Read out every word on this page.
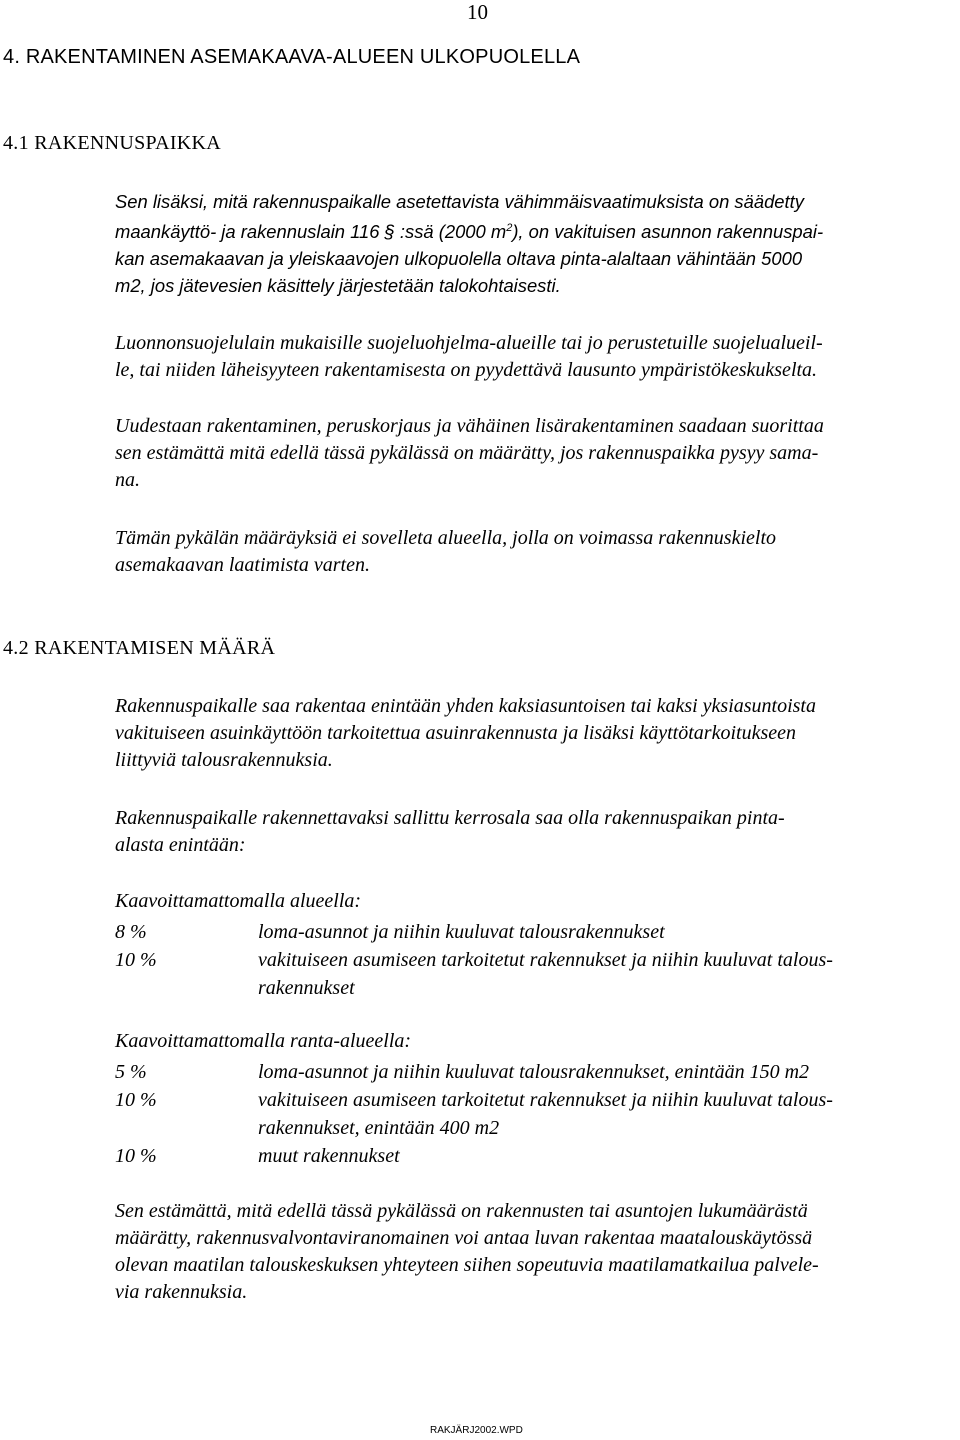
10
4. RAKENTAMINEN ASEMAKAAVA-ALUEEN ULKOPUOLELLA
4.1 RAKENNUSPAIKKA
Sen lisäksi, mitä rakennuspaikalle asetettavista vähimmäisvaatimuksista on säädetty
maankäyttö- ja rakennuslain 116 § :ssä (2000 $m^2$), on vakituisen asunnon rakennuspai-
kan asemakaavan ja yleiskaavojen ulkopuolella oltava pinta-alaltaan vähintään 5000
m2, jos jätevesien käsittely järjestetään talokohtaisesti.
Luonnonsuojelulain mukaisille suojeluohjelma-alueille tai jo perustetuille suojelualueil-
le, tai niiden läheisyyteen rakentamisesta on pyydettävä lausunto ympäristökeskukselta.
Uudestaan rakentaminen, peruskorjaus ja vähäinen lisärakentaminen saadaan suorittaa
sen estämättä mitä edellä tässä pykälässä on määrätty, jos rakennuspaikka pysyy sama-
na.
Tämän pykälän määräyksiä ei sovelleta alueella, jolla on voimassa rakennuskielto
asemakaavan laatimista varten.
4.2 RAKENTAMISEN MÄÄRÄ
Rakennuspaikalle saa rakentaa enintään yhden kaksiasuntoisen tai kaksi yksiasuntoista
vakituiseen asuinkäyttöön tarkoitettua asuinrakennusta ja lisäksi käyttötarkoitukseen
liittyviä talousrakennuksia.
Rakennuspaikalle rakennettavaksi sallittu kerrosala saa olla rakennuspaikan pinta-
alasta enintään:
Kaavoittamattomalla alueella:
8 %	loma-asunnot ja niihin kuuluvat talousrakennukset
10 %	vakituiseen asumiseen tarkoitetut rakennukset ja niihin kuuluvat talous-
rakennukset
Kaavoittamattomalla ranta-alueella:
5 %	loma-asunnot ja niihin kuuluvat talousrakennukset, enintään 150 m2
10 %	vakituiseen asumiseen tarkoitetut rakennukset ja niihin kuuluvat talous-
rakennukset, enintään 400 m2
10 %	muut rakennukset
Sen estämättä, mitä edellä tässä pykälässä on rakennusten tai asuntojen lukumäärästä
määrätty, rakennusvalvontaviranomainen voi antaa luvan rakentaa maatalouskäytössä
olevan maatilan talouskeskuksen yhteyteen siihen sopeutuvia maatilamatkailua palvele-
via rakennuksia.
RAKJÄRJ2002.WPD
